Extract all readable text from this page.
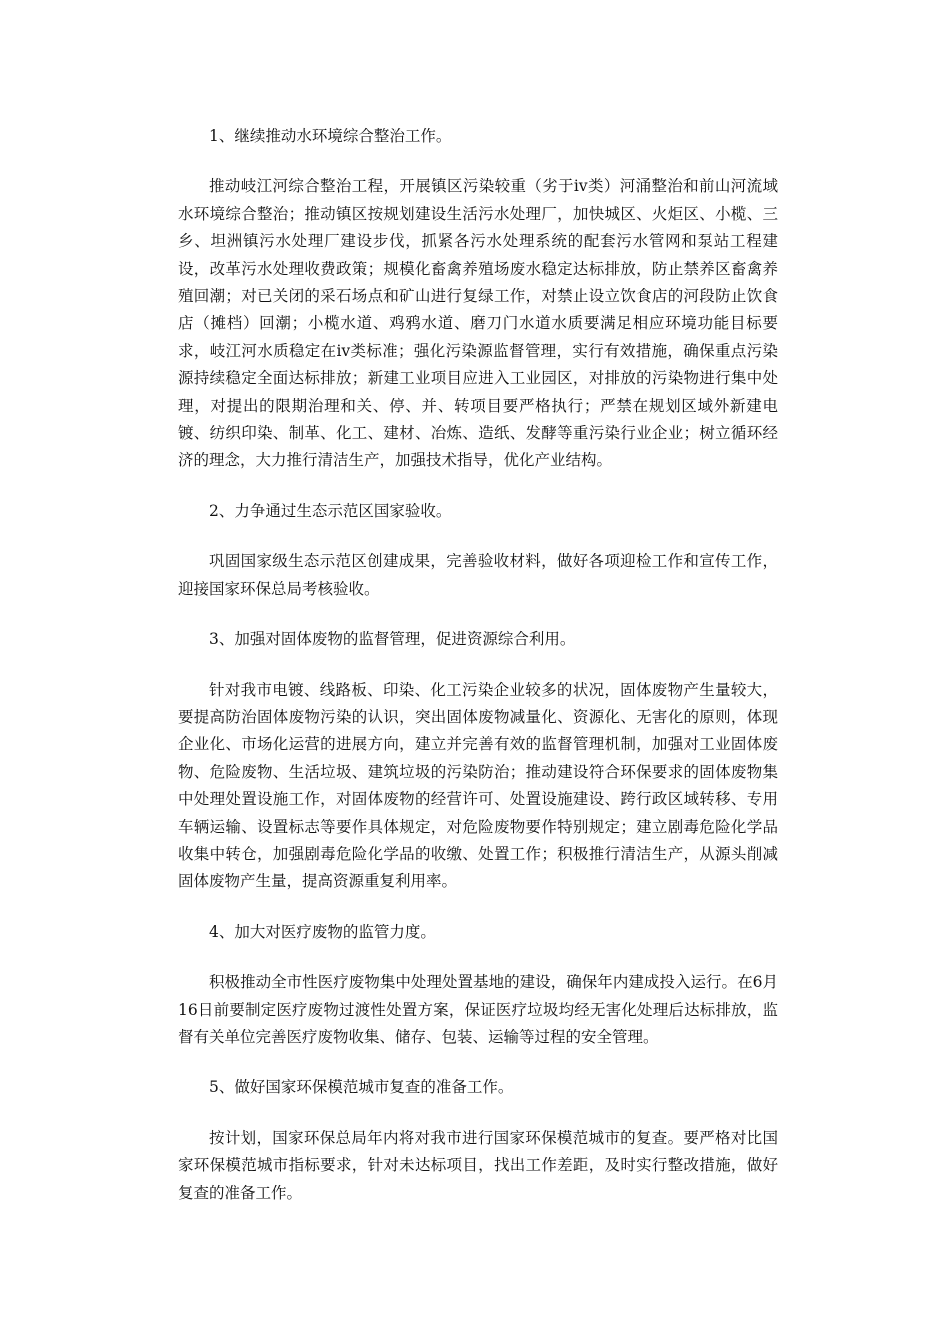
1、继续推动水环境综合整治工作。

推动岐江河综合整治工程，开展镇区污染较重（劣于ⅳ类）河涌整治和前山河流域水环境综合整治；推动镇区按规划建设生活污水处理厂，加快城区、火炬区、小榄、三乡、坦洲镇污水处理厂建设步伐，抓紧各污水处理系统的配套污水管网和泵站工程建设，改革污水处理收费政策；规模化畜禽养殖场废水稳定达标排放，防止禁养区畜禽养殖回潮；对已关闭的采石场点和矿山进行复绿工作，对禁止设立饮食店的河段防止饮食店（摊档）回潮；小榄水道、鸡鸦水道、磨刀门水道水质要满足相应环境功能目标要求，岐江河水质稳定在ⅳ类标准；强化污染源监督管理，实行有效措施，确保重点污染源持续稳定全面达标排放；新建工业项目应进入工业园区，对排放的污染物进行集中处理，对提出的限期治理和关、停、并、转项目要严格执行；严禁在规划区域外新建电镀、纺织印染、制革、化工、建材、冶炼、造纸、发酵等重污染行业企业；树立循环经济的理念，大力推行清洁生产，加强技术指导，优化产业结构。

2、力争通过生态示范区国家验收。

巩固国家级生态示范区创建成果，完善验收材料，做好各项迎检工作和宣传工作，迎接国家环保总局考核验收。

3、加强对固体废物的监督管理，促进资源综合利用。

针对我市电镀、线路板、印染、化工污染企业较多的状况，固体废物产生量较大，要提高防治固体废物污染的认识，突出固体废物减量化、资源化、无害化的原则，体现企业化、市场化运营的进展方向，建立并完善有效的监督管理机制，加强对工业固体废物、危险废物、生活垃圾、建筑垃圾的污染防治；推动建设符合环保要求的固体废物集中处理处置设施工作，对固体废物的经营许可、处置设施建设、跨行政区域转移、专用车辆运输、设置标志等要作具体规定，对危险废物要作特别规定；建立剧毒危险化学品收集中转仓，加强剧毒危险化学品的收缴、处置工作；积极推行清洁生产，从源头削减固体废物产生量，提高资源重复利用率。

4、加大对医疗废物的监管力度。

积极推动全市性医疗废物集中处理处置基地的建设，确保年内建成投入运行。在6月16日前要制定医疗废物过渡性处置方案，保证医疗垃圾均经无害化处理后达标排放，监督有关单位完善医疗废物收集、储存、包装、运输等过程的安全管理。

5、做好国家环保模范城市复查的准备工作。

按计划，国家环保总局年内将对我市进行国家环保模范城市的复查。要严格对比国家环保模范城市指标要求，针对未达标项目，找出工作差距，及时实行整改措施，做好复查的准备工作。
